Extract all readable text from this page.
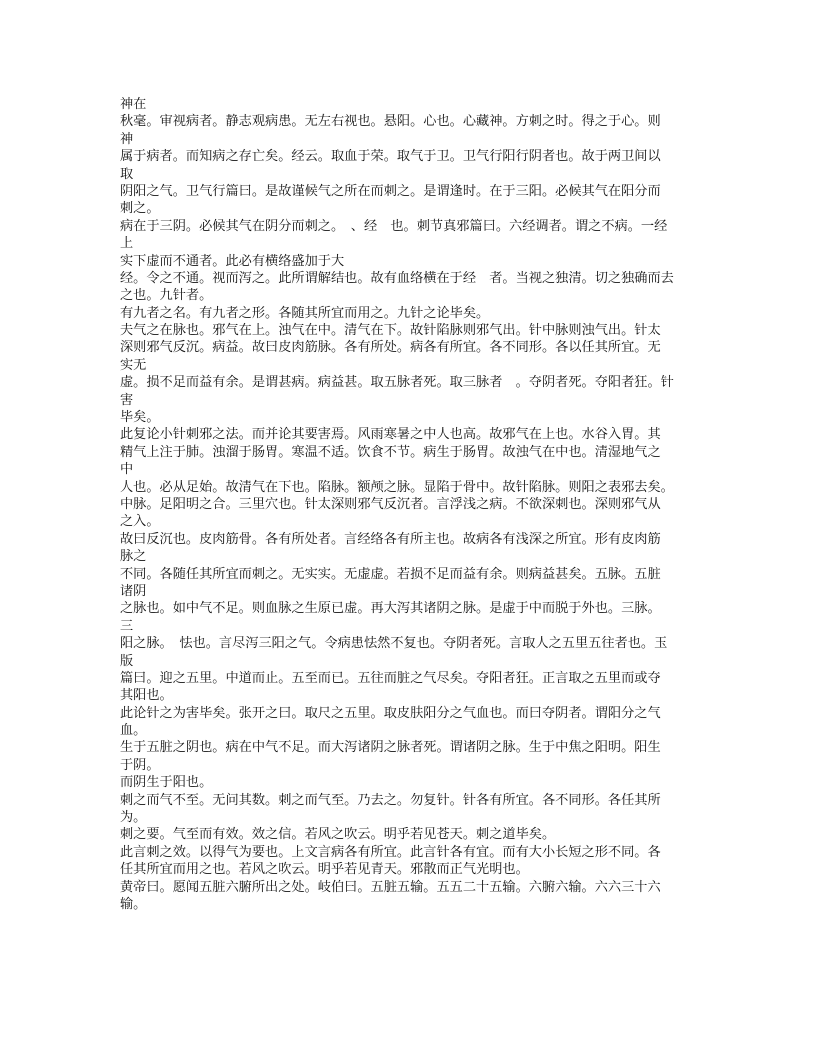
神在
秋毫。审视病者。静志观病患。无左右视也。悬阳。心也。心藏神。方刺之时。得之于心。则
神
属于病者。而知病之存亡矣。经云。取血于荣。取气于卫。卫气行阳行阴者也。故于两卫间以
取
阴阳之气。卫气行篇曰。是故谨候气之所在而刺之。是谓逢时。在于三阳。必候其气在阳分而
刺之。
病在于三阴。必候其气在阴分而刺之。　、经　也。刺节真邪篇曰。六经调者。谓之不病。一经
上
实下虚而不通者。此必有横络盛加于大
经。令之不通。视而泻之。此所谓解结也。故有血络横在于经　者。当视之独清。切之独确而去
之也。九针者。
有九者之名。有九者之形。各随其所宜而用之。九针之论毕矣。
夫气之在脉也。邪气在上。浊气在中。清气在下。故针陷脉则邪气出。针中脉则浊气出。针太
深则邪气反沉。病益。故曰皮肉筋脉。各有所处。病各有所宜。各不同形。各以任其所宜。无
实无
虚。损不足而益有余。是谓甚病。病益甚。取五脉者死。取三脉者　。夺阴者死。夺阳者狂。针
害
毕矣。
此复论小针刺邪之法。而并论其要害焉。风雨寒暑之中人也高。故邪气在上也。水谷入胃。其
精气上注于肺。浊溜于肠胃。寒温不适。饮食不节。病生于肠胃。故浊气在中也。清湿地气之
中
人也。必从足始。故清气在下也。陷脉。额颅之脉。显陷于骨中。故针陷脉。则阳之表邪去矣。
中脉。足阳明之合。三里穴也。针太深则邪气反沉者。言浮浅之病。不欲深刺也。深则邪气从
之入。
故曰反沉也。皮肉筋骨。各有所处者。言经络各有所主也。故病各有浅深之所宜。形有皮肉筋
脉之
不同。各随任其所宜而刺之。无实实。无虚虚。若损不足而益有余。则病益甚矣。五脉。五脏
诸阴
之脉也。如中气不足。则血脉之生原已虚。再大泻其诸阴之脉。是虚于中而脱于外也。三脉。
三
阳之脉。　怯也。言尽泻三阳之气。令病患怯然不复也。夺阴者死。言取人之五里五往者也。玉
版
篇曰。迎之五里。中道而止。五至而已。五往而脏之气尽矣。夺阳者狂。正言取之五里而或夺
其阳也。
此论针之为害毕矣。张开之曰。取尺之五里。取皮肤阳分之气血也。而曰夺阴者。谓阳分之气
血。
生于五脏之阴也。病在中气不足。而大泻诸阴之脉者死。谓诸阴之脉。生于中焦之阳明。阳生
于阴。
而阴生于阳也。
刺之而气不至。无问其数。刺之而气至。乃去之。勿复针。针各有所宜。各不同形。各任其所
为。
刺之要。气至而有效。效之信。若风之吹云。明乎若见苍天。刺之道毕矣。
此言刺之效。以得气为要也。上文言病各有所宜。此言针各有宜。而有大小长短之形不同。各
任其所宜而用之也。若风之吹云。明乎若见青天。邪散而正气光明也。
黄帝曰。愿闻五脏六腑所出之处。岐伯曰。五脏五输。五五二十五输。六腑六输。六六三十六
输。
